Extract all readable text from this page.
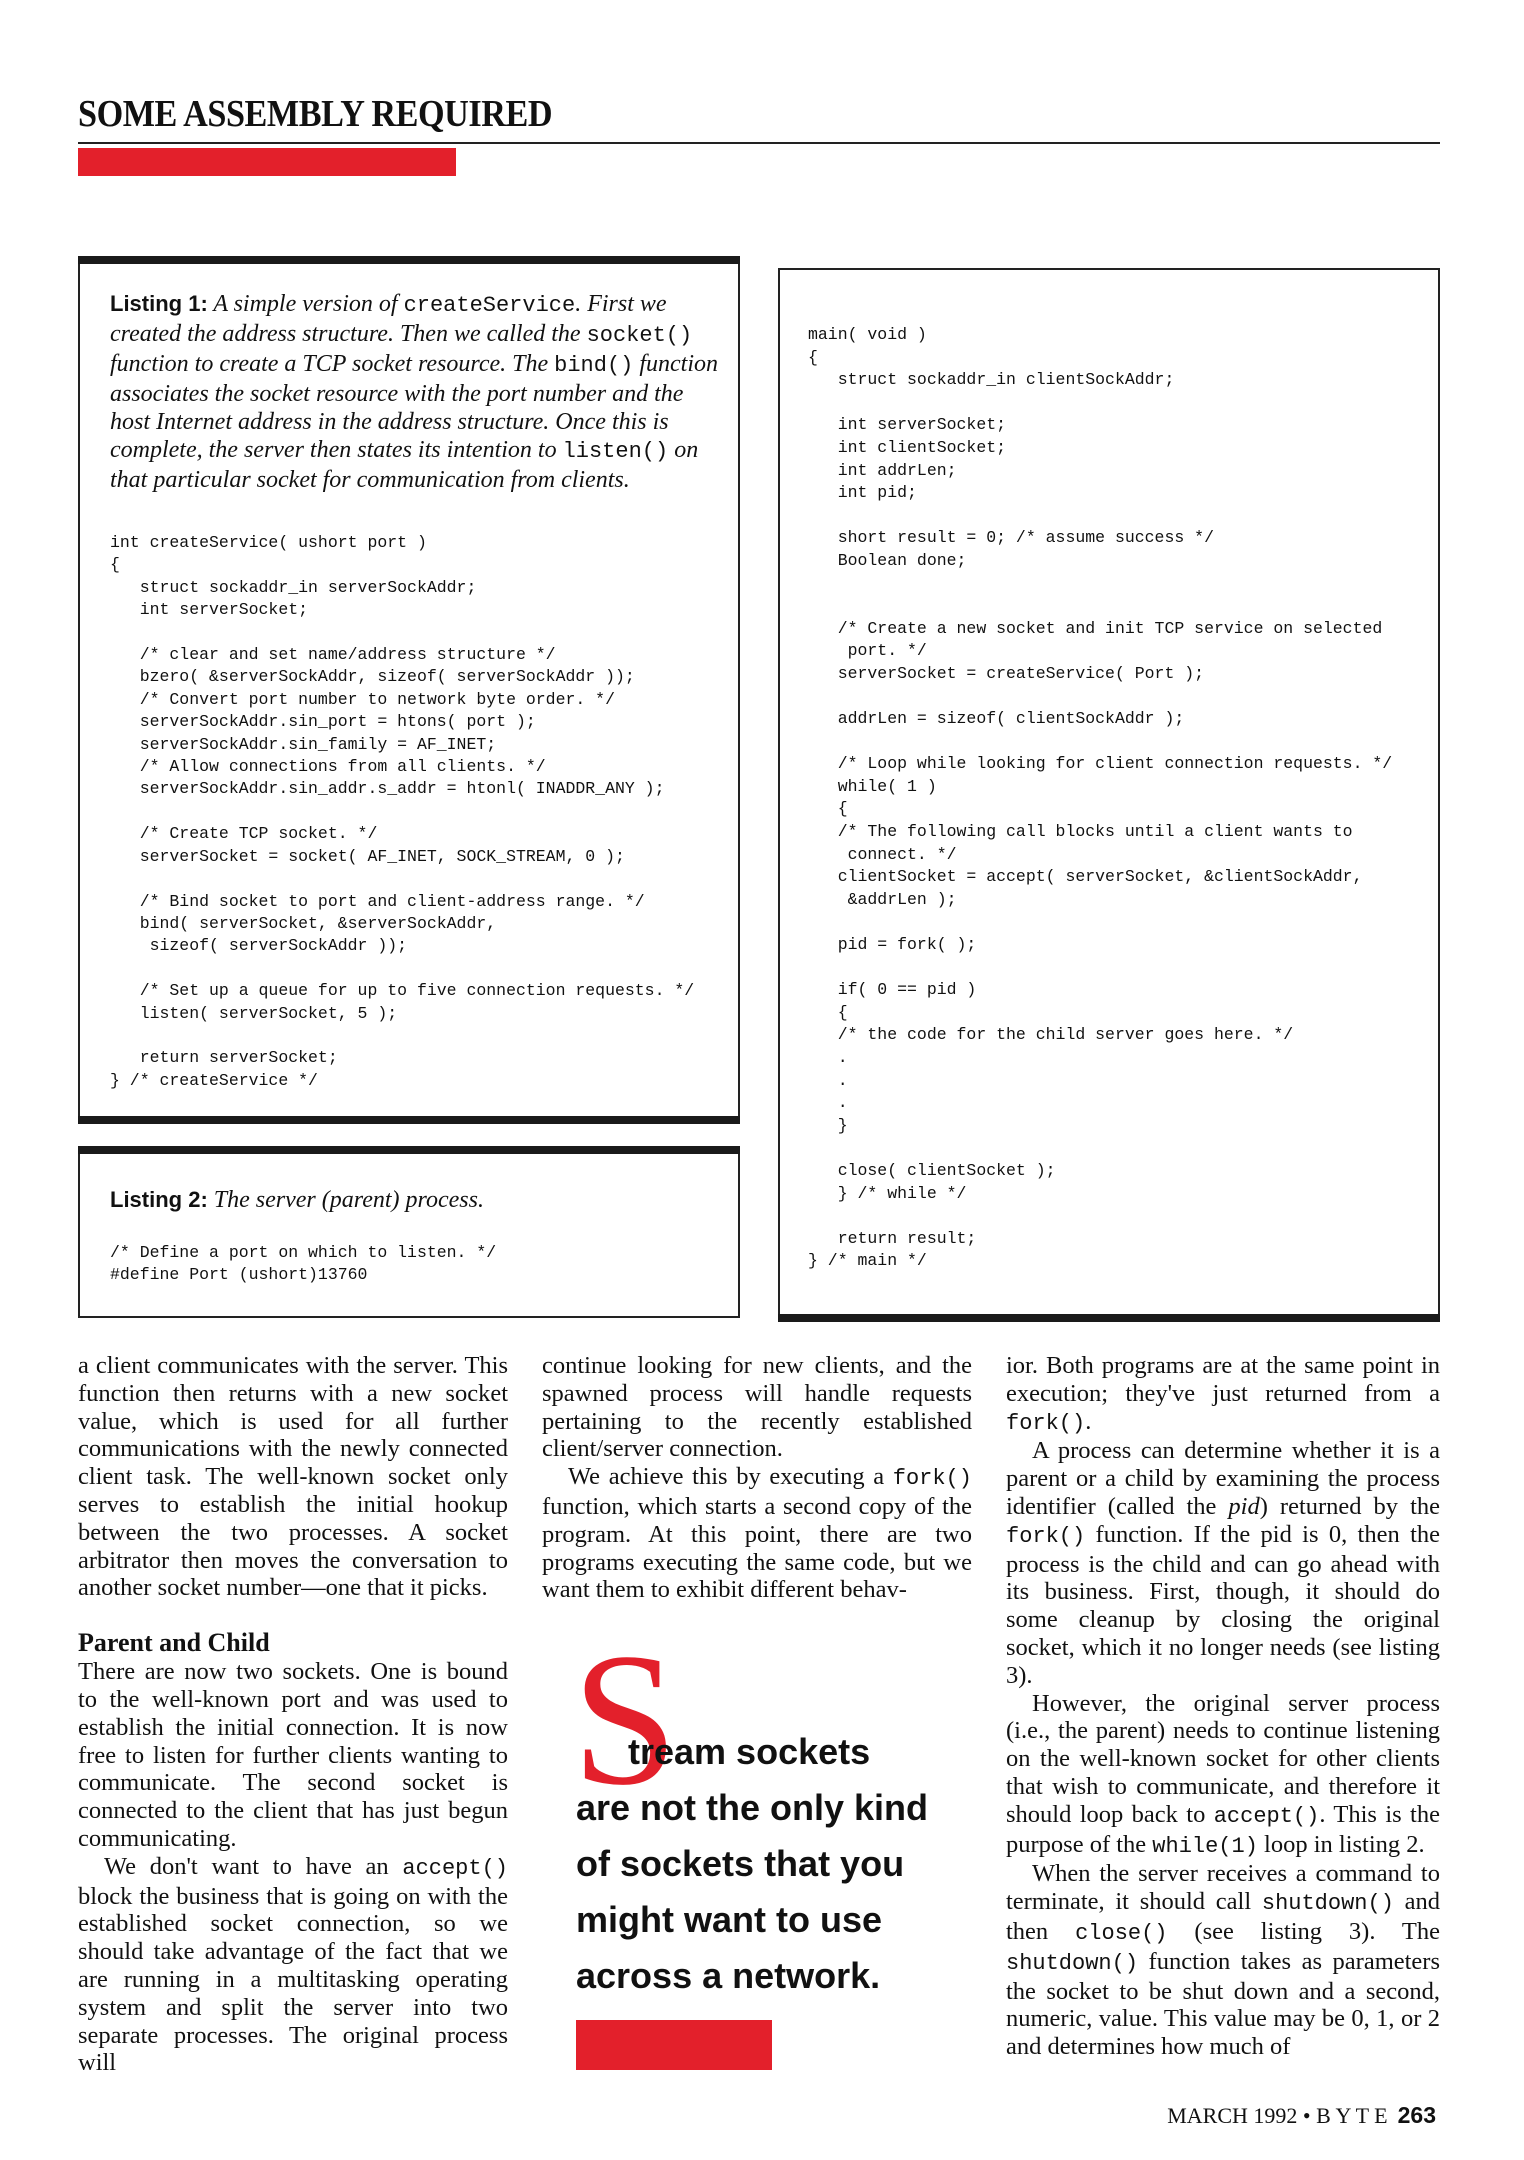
SOME ASSEMBLY REQUIRED
Listing 1: A simple version of createService. First we created the address structure. Then we called the socket() function to create a TCP socket resource. The bind() function associates the socket resource with the port number and the host Internet address in the address structure. Once this is complete, the server then states its intention to listen() on that particular socket for communication from clients.
int createService( ushort port )
{
struct sockaddr_in serverSockAddr;
int serverSocket;

/* clear and set name/address structure */
bzero( &serverSockAddr, sizeof( serverSockAddr ));
/* Convert port number to network byte order. */
serverSockAddr.sin_port = htons( port );
serverSockAddr.sin_family = AF_INET;
/* Allow connections from all clients. */
serverSockAddr.sin_addr.s_addr = htonl( INADDR_ANY );

/* Create TCP socket. */
serverSocket = socket( AF_INET, SOCK_STREAM, 0 );

/* Bind socket to port and client-address range. */
bind( serverSocket, &serverSockAddr,
sizeof( serverSockAddr ));

/* Set up a queue for up to five connection requests. */
listen( serverSocket, 5 );

return serverSocket;
} /* createService */
Listing 2: The server (parent) process.
/* Define a port on which to listen. */
#define Port (ushort)13760
main( void )
{
struct sockaddr_in clientSockAddr;

int serverSocket;
int clientSocket;
int addrLen;
int pid;

short result = 0; /* assume success */
Boolean done;

/* Create a new socket and init TCP service on selected
port. */
serverSocket = createService( Port );

addrLen = sizeof( clientSockAddr );

/* Loop while looking for client connection requests. */
while( 1 )
{
/* The following call blocks until a client wants to
connect. */
clientSocket = accept( serverSocket, &clientSockAddr,
&addrLen );

pid = fork( );

if( 0 == pid )
{
/* the code for the child server goes here. */
.
.
.
}

close( clientSocket );
} /* while */

return result;
} /* main */

a client communicates with the server. This function then returns with a new socket value, which is used for all further communications with the newly connected client task. The well-known socket only serves to establish the initial hookup between the two processes. A socket arbitrator then moves the conversation to another socket number—one that it picks.

Parent and Child

There are now two sockets. One is bound to the well-known port and was used to establish the initial connection. It is now free to listen for further clients wanting to communicate. The second socket is connected to the client that has just begun communicating.

We don't want to have an accept() block the business that is going on with the established socket connection, so we should take advantage of the fact that we are running in a multitasking operating system and split the server into two separate processes. The original process will

continue looking for new clients, and the spawned process will handle requests pertaining to the recently established client/server connection.

We achieve this by executing a fork() function, which starts a second copy of the program. At this point, there are two programs executing the same code, but we want them to exhibit different behav-

S
tream sockets
are not the only kind
of sockets that you
might want to use
across a network.

ior. Both programs are at the same point in execution; they've just returned from a fork().

A process can determine whether it is a parent or a child by examining the process identifier (called the pid) returned by the fork() function. If the pid is 0, then the process is the child and can go ahead with its business. First, though, it should do some cleanup by closing the original socket, which it no longer needs (see listing 3).

However, the original server process (i.e., the parent) needs to continue listening on the well-known socket for other clients that wish to communicate, and therefore it should loop back to accept(). This is the purpose of the while(1) loop in listing 2.

When the server receives a command to terminate, it should call shutdown() and then close() (see listing 3). The shutdown() function takes as parameters the socket to be shut down and a second, numeric, value. This value may be 0, 1, or 2 and determines how much of

MARCH 1992 • B Y T E 263
